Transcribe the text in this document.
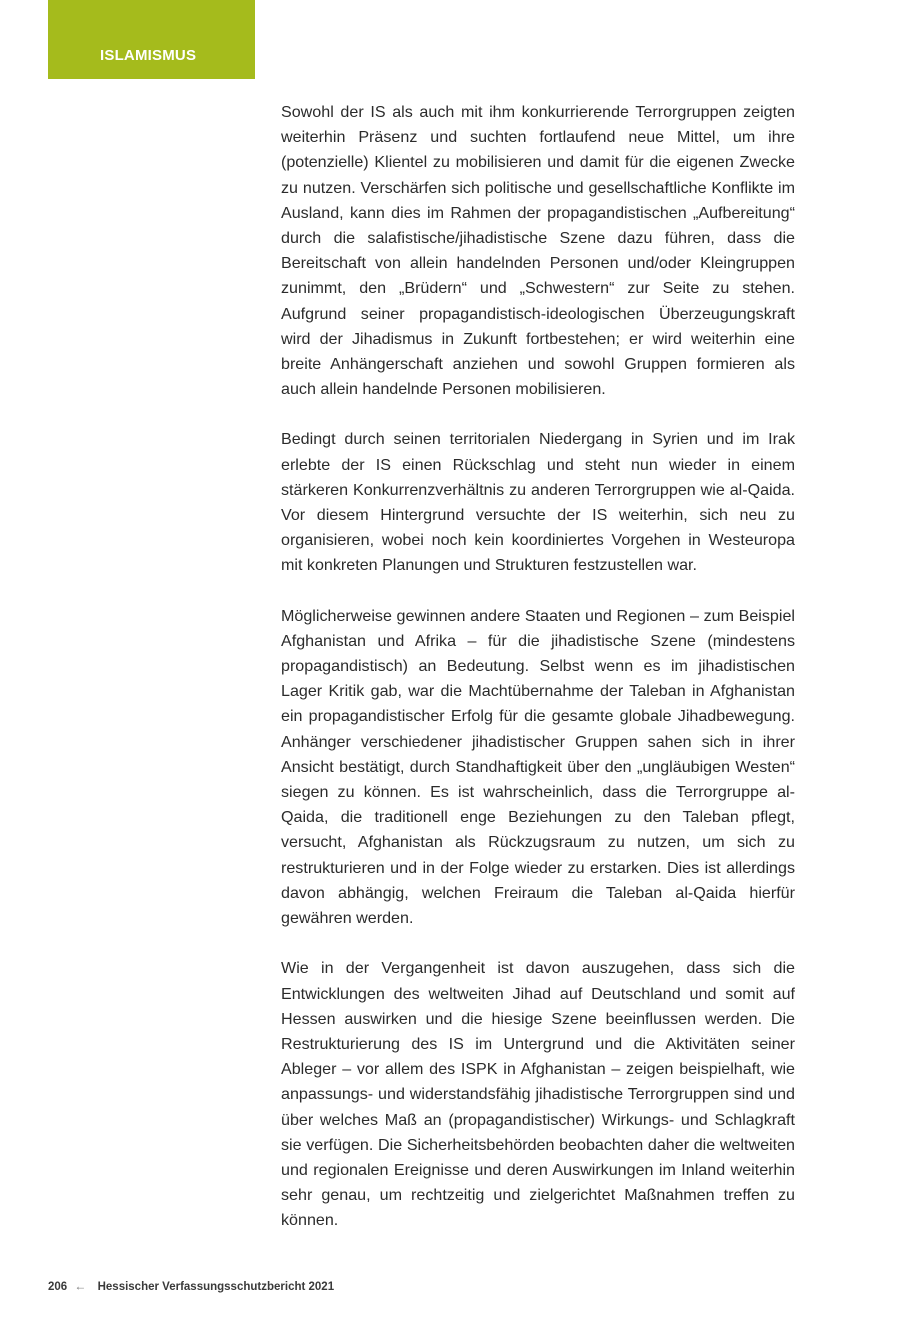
ISLAMISMUS

Sowohl der IS als auch mit ihm konkurrierende Terrorgruppen zeigten weiterhin Präsenz und suchten fortlaufend neue Mittel, um ihre (potenzielle) Klientel zu mobilisieren und damit für die eigenen Zwecke zu nutzen. Verschärfen sich politische und gesellschaftliche Konflikte im Ausland, kann dies im Rahmen der propagandistischen „Aufbereitung“ durch die salafistische/jihadistische Szene dazu führen, dass die Bereitschaft von allein handelnden Personen und/oder Kleingruppen zunimmt, den „Brüdern“ und „Schwestern“ zur Seite zu stehen. Aufgrund seiner propagandistisch-ideologischen Überzeugungskraft wird der Jihadismus in Zukunft fortbestehen; er wird weiterhin eine breite Anhängerschaft anziehen und sowohl Gruppen formieren als auch allein handelnde Personen mobilisieren.

Bedingt durch seinen territorialen Niedergang in Syrien und im Irak erlebte der IS einen Rückschlag und steht nun wieder in einem stärkeren Konkurrenzverhältnis zu anderen Terrorgruppen wie al-Qaida. Vor diesem Hintergrund versuchte der IS weiterhin, sich neu zu organisieren, wobei noch kein koordiniertes Vorgehen in Westeuropa mit konkreten Planungen und Strukturen festzustellen war.

Möglicherweise gewinnen andere Staaten und Regionen – zum Beispiel Afghanistan und Afrika – für die jihadistische Szene (mindestens propagandistisch) an Bedeutung. Selbst wenn es im jihadistischen Lager Kritik gab, war die Machtübernahme der Taleban in Afghanistan ein propagandistischer Erfolg für die gesamte globale Jihadbewegung. Anhänger verschiedener jihadistischer Gruppen sahen sich in ihrer Ansicht bestätigt, durch Standhaftigkeit über den „ungläubigen Westen“ siegen zu können. Es ist wahrscheinlich, dass die Terrorgruppe al-Qaida, die traditionell enge Beziehungen zu den Taleban pflegt, versucht, Afghanistan als Rückzugsraum zu nutzen, um sich zu restrukturieren und in der Folge wieder zu erstarken. Dies ist allerdings davon abhängig, welchen Freiraum die Taleban al-Qaida hierfür gewähren werden.

Wie in der Vergangenheit ist davon auszugehen, dass sich die Entwicklungen des weltweiten Jihad auf Deutschland und somit auf Hessen auswirken und die hiesige Szene beeinflussen werden. Die Restrukturierung des IS im Untergrund und die Aktivitäten seiner Ableger – vor allem des ISPK in Afghanistan – zeigen beispielhaft, wie anpassungs- und widerstandsfähig jihadistische Terrorgruppen sind und über welches Maß an (propagandistischer) Wirkungs- und Schlagkraft sie verfügen. Die Sicherheitsbehörden beobachten daher die weltweiten und regionalen Ereignisse und deren Auswirkungen im Inland weiterhin sehr genau, um rechtzeitig und zielgerichtet Maßnahmen treffen zu können.

206 ← Hessischer Verfassungsschutzbericht 2021
